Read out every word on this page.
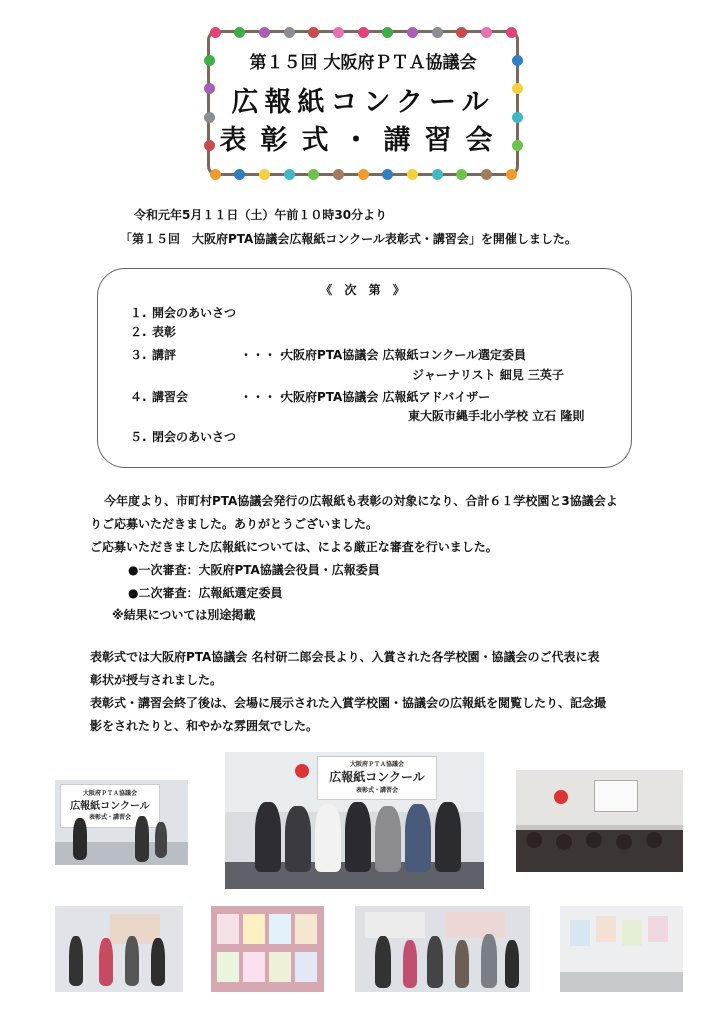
第１５回 大阪府ＰＴＡ協議会
広報紙コンクール
表彰式・講習会
令和元年5月１１日（土）午前１０時30分より
「第１５回　大阪府PTA協議会広報紙コンクール表彰式・講習会」を開催しました。
《 次 第 》
１. 開会のあいさつ
２. 表彰
３. 講評	・・・・
大阪府PTA協議会 広報紙コンクール選定委員
ジャーナリスト 細見 三英子
４. 講習会	・・・・
大阪府PTA協議会 広報紙アドバイザー
東大阪市縄手北小学校 立石 隆則
５. 閉会のあいさつ
今年度より、市町村PTA協議会発行の広報紙も表彰の対象になり、合計６１学校園と3協議会よ
りご応募いただきました。ありがとうございました。
ご応募いただきました広報紙については、による厳正な審査を行いました。
●一次審査：大阪府PTA協議会役員・広報委員
●二次審査：広報紙選定委員
※結果については別途掲載
表彰式では大阪府PTA協議会 名村研二郎会長より、入賞された各学校園・協議会のご代表に表
彰状が授与されました。
表彰式・講習会終了後は、会場に展示された入賞学校園・協議会の広報紙を閲覧したり、記念撮
影をされたりと、和やかな雰囲気でした。
大阪府ＰＴＡ協議会
広報紙コンクール
表彰式・講習会
大阪府ＰＴＡ協議会
広報紙コンクール
表彰式・講習会
